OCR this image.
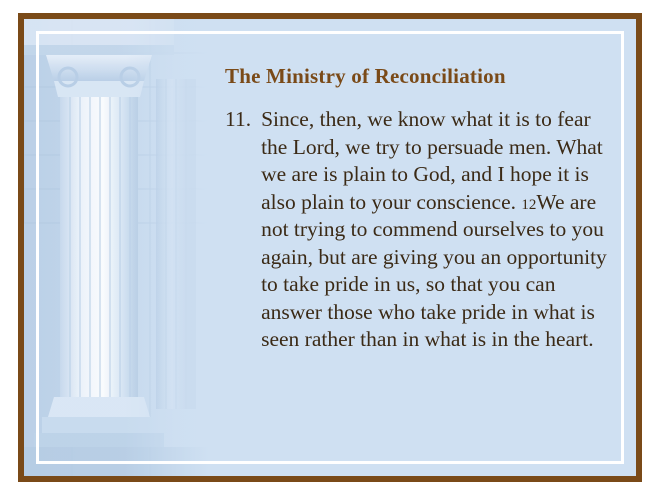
The Ministry of Reconciliation
11. Since, then, we know what it is to fear the Lord, we try to persuade men. What we are is plain to God, and I hope it is also plain to your conscience. 12We are not trying to commend ourselves to you again, but are giving you an opportunity to take pride in us, so that you can answer those who take pride in what is seen rather than in what is in the heart.
